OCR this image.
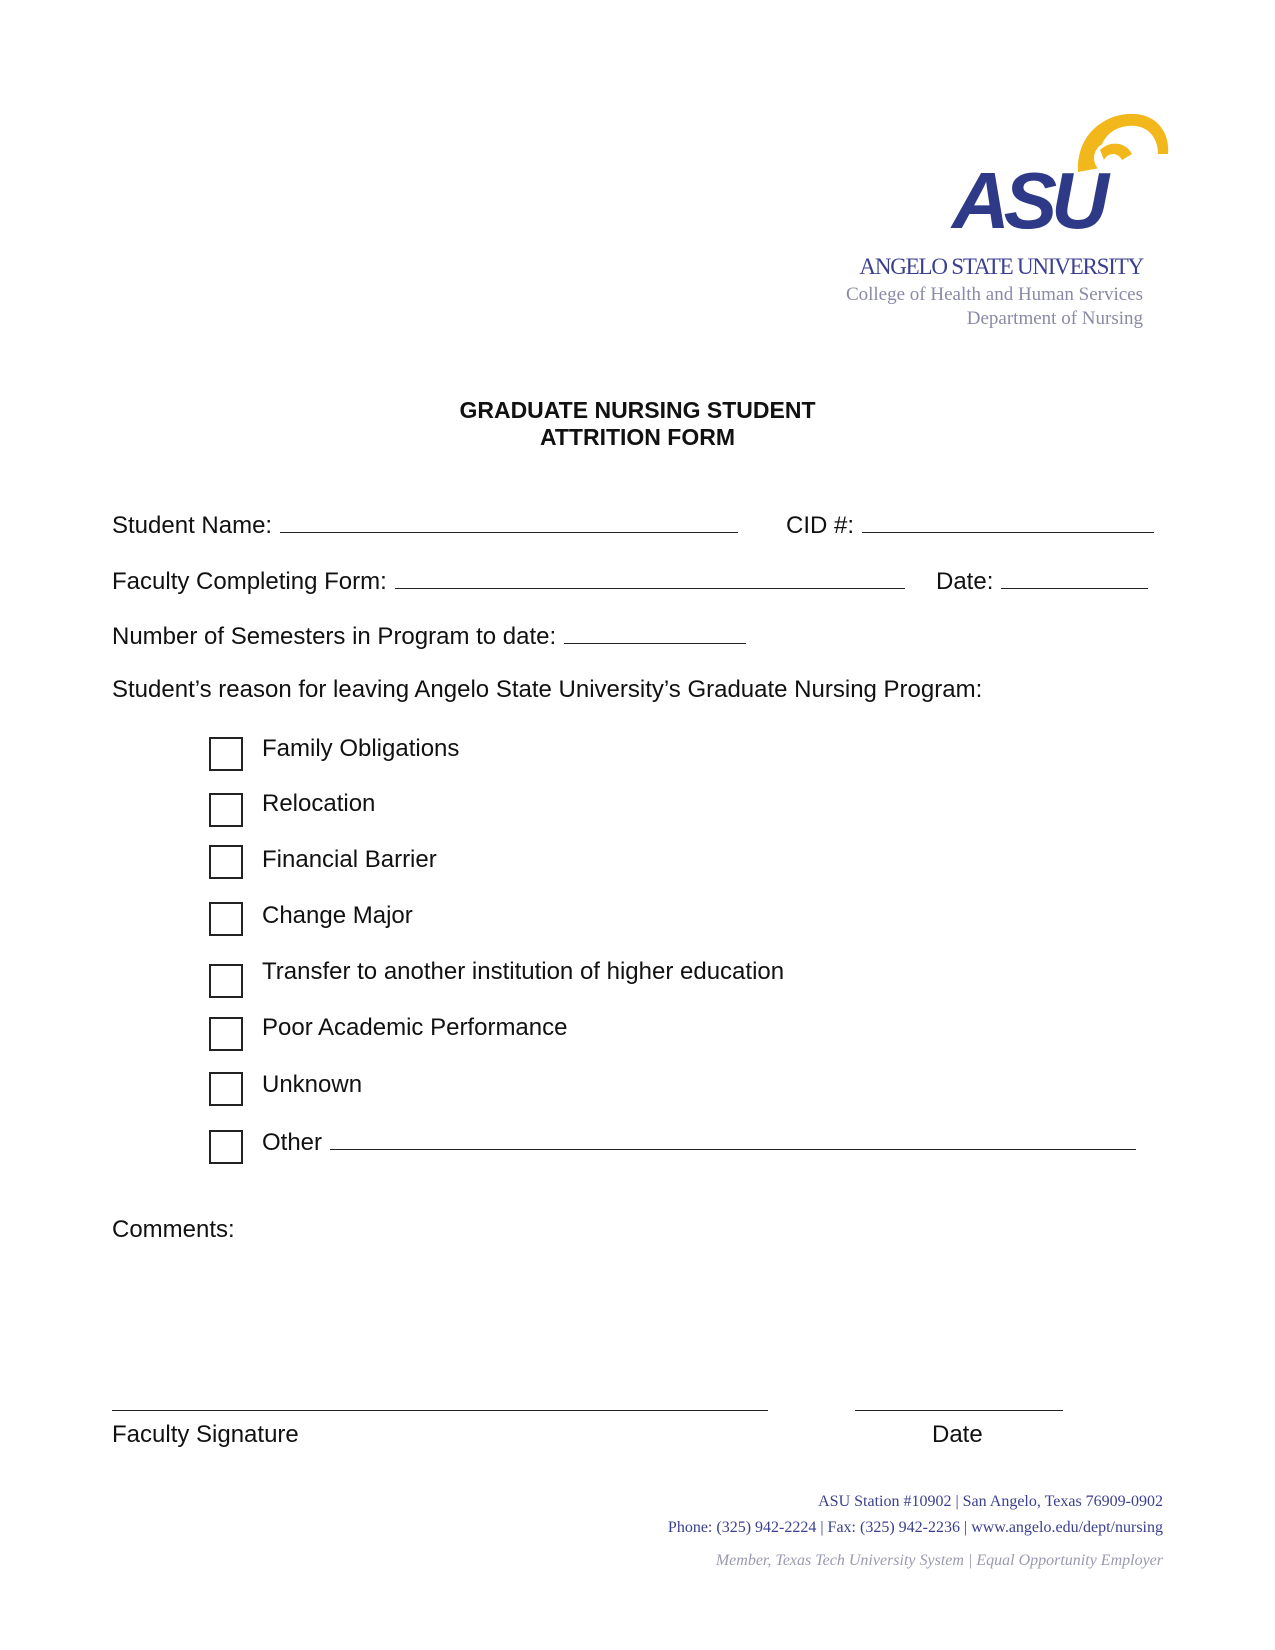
ASU
ANGELO STATE UNIVERSITY
College of Health and Human Services
Department of Nursing
GRADUATE NURSING STUDENT
ATTRITION FORM
Student Name:	CID #:
Faculty Completing Form:	Date:
Number of Semesters in Program to date:
Student’s reason for leaving Angelo State University’s Graduate Nursing Program:
Family Obligations
Relocation
Financial Barrier
Change Major
Transfer to another institution of higher education
Poor Academic Performance
Unknown
Other
Comments:
Faculty Signature	Date
ASU Station #10902 | San Angelo, Texas 76909-0902
Phone: (325) 942-2224 | Fax: (325) 942-2236 | www.angelo.edu/dept/nursing
Member, Texas Tech University System | Equal Opportunity Employer
